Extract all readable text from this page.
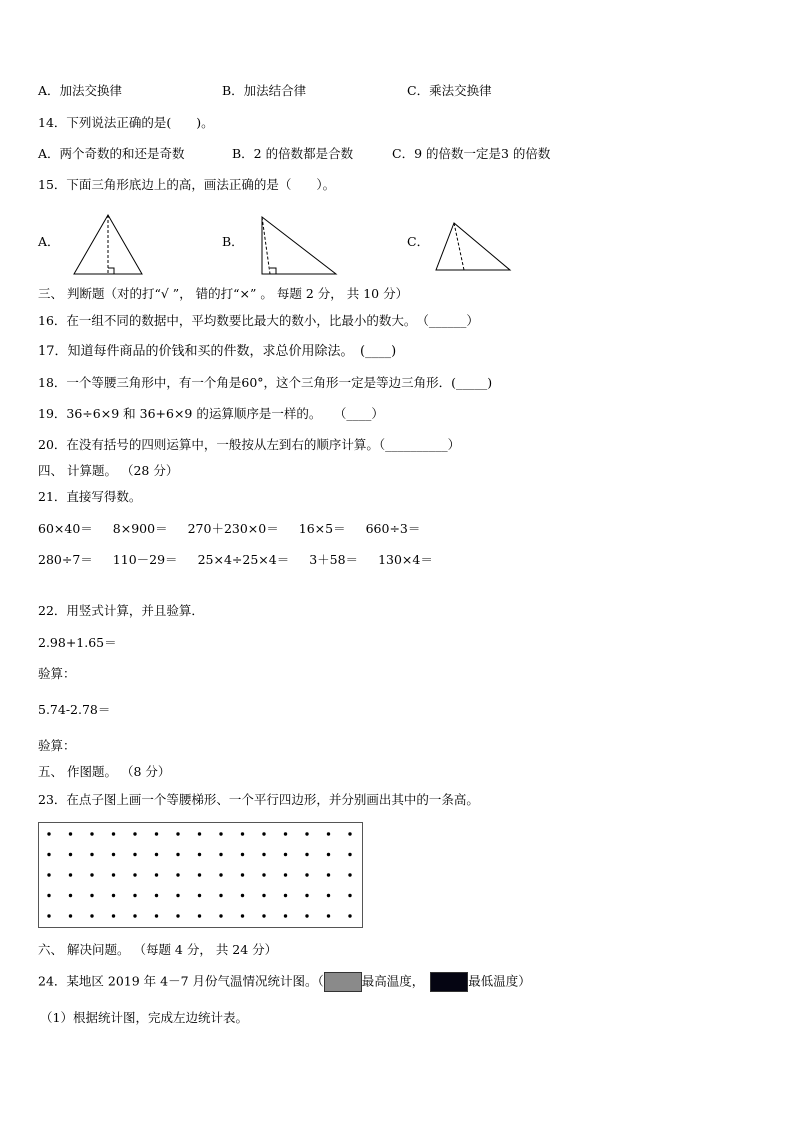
A．加法交换律	B．加法结合律	C．乘法交换律
14．下列说法正确的是(　　)。
A．两个奇数的和还是奇数	B．2 的倍数都是合数	C．9 的倍数一定是3 的倍数
15．下面三角形底边上的高，画法正确的是（　　）。
A．	B．	C．
三、 判断题（对的打“√ ”， 错的打“×” 。 每题 2 分， 共 10 分）
16．在一组不同的数据中，平均数要比最大的数小，比最小的数大。　（______）
17．知道每件商品的价钱和买的件数，求总价用除法。　(____)
18．一个等腰三角形中，有一个角是60°，这个三角形一定是等边三角形．(_____)
19．36÷6×9 和 36+6×9 的运算顺序是一样的。　　（____）
20．在没有括号的四则运算中，一般按从左到右的顺序计算。（__________）
四、 计算题。 （28 分）
21．直接写得数。
60×40＝ 8×900＝ 270＋230×0＝ 16×5＝ 660÷3＝
280÷7＝ 110－29＝ 25×4÷25×4＝ 3＋58＝ 130×4＝
22．用竖式计算，并且验算．
2.98+1.65＝
验算：
5.74-2.78＝
验算：
五、 作图题。 （8 分）
23．在点子图上画一个等腰梯形、一个平行四边形，并分别画出其中的一条高。
六、 解决问题。 （每题 4 分， 共 24 分）
24．某地区 2019 年 4－7 月份气温情况统计图。（	最高温度，	最低温度）
（1）根据统计图，完成左边统计表。
